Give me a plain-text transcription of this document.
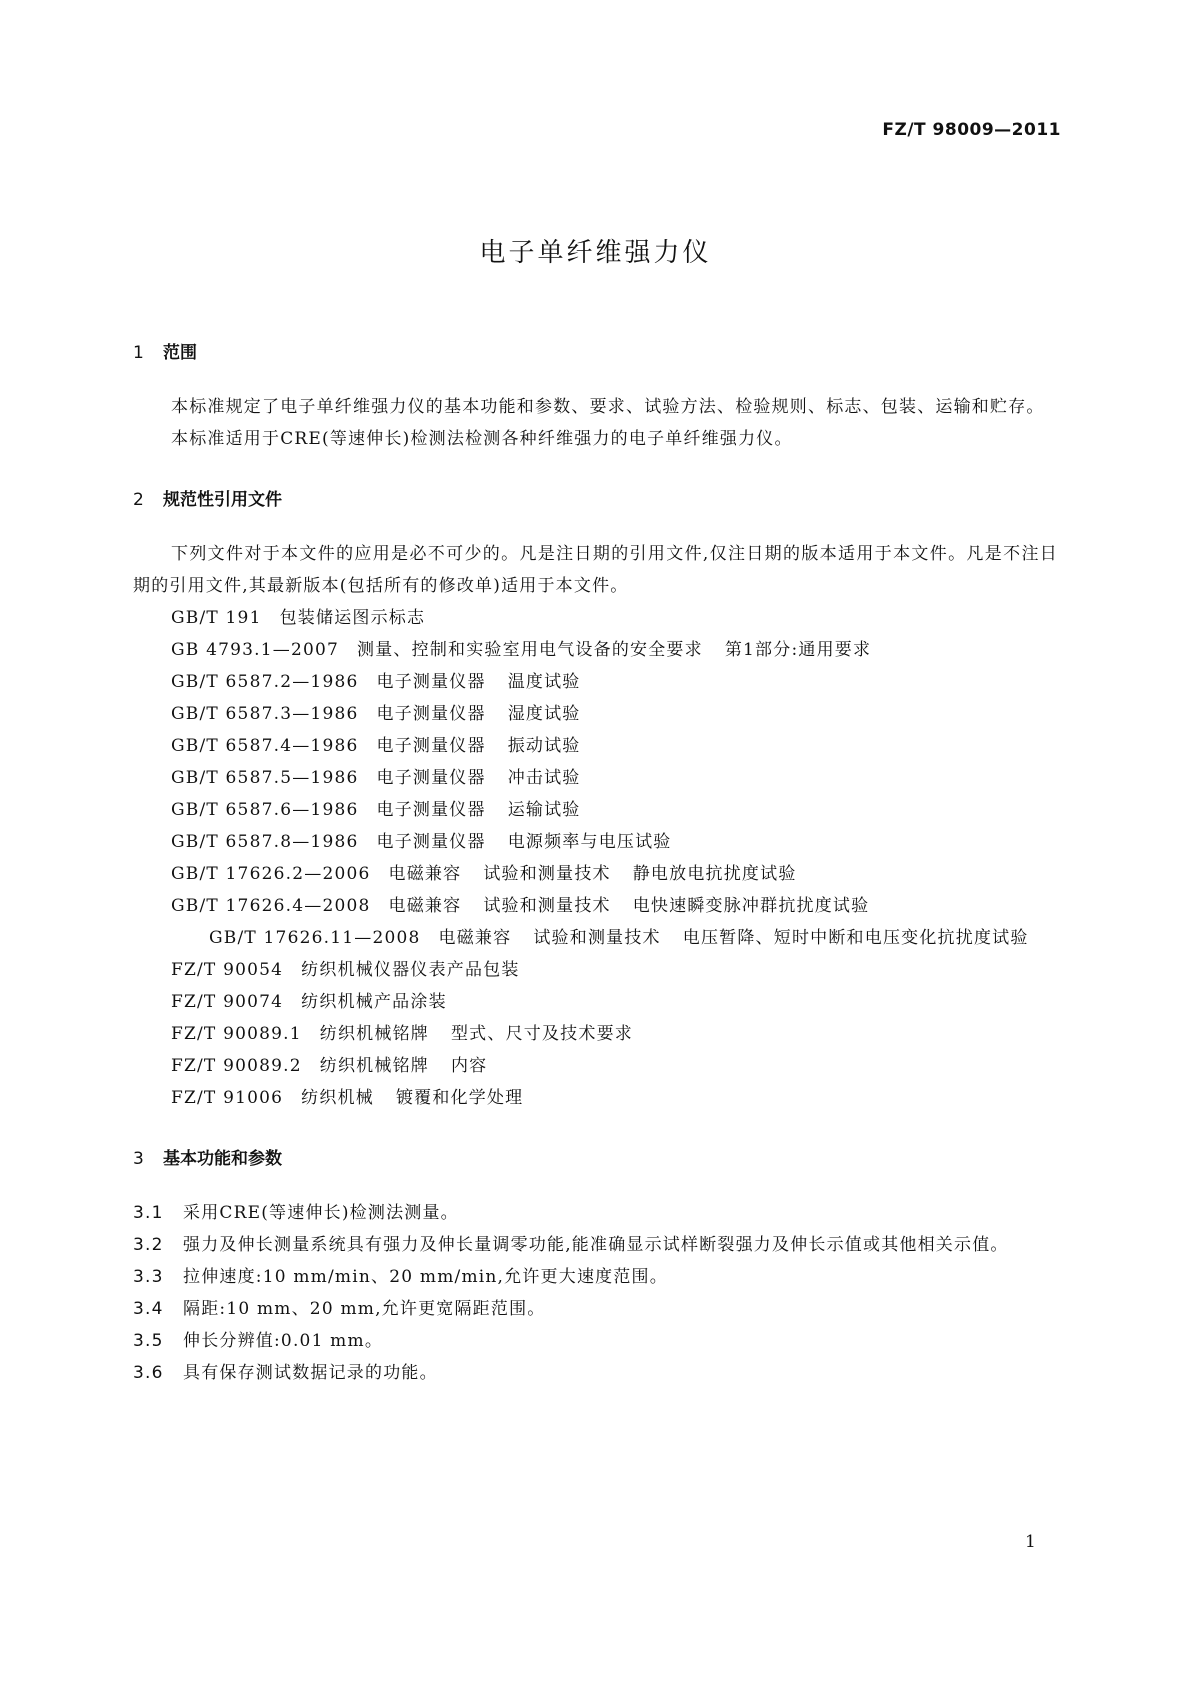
FZ/T 98009—2011
电子单纤维强力仪
1 范围

本标准规定了电子单纤维强力仪的基本功能和参数、要求、试验方法、检验规则、标志、包装、运输和贮存。

本标准适用于CRE(等速伸长)检测法检测各种纤维强力的电子单纤维强力仪。

2 规范性引用文件

下列文件对于本文件的应用是必不可少的。凡是注日期的引用文件,仅注日期的版本适用于本文件。凡是不注日期的引用文件,其最新版本(包括所有的修改单)适用于本文件。

GB/T 191 包装储运图示标志
GB 4793.1—2007 测量、控制和实验室用电气设备的安全要求 第1部分:通用要求
GB/T 6587.2—1986 电子测量仪器 温度试验
GB/T 6587.3—1986 电子测量仪器 湿度试验
GB/T 6587.4—1986 电子测量仪器 振动试验
GB/T 6587.5—1986 电子测量仪器 冲击试验
GB/T 6587.6—1986 电子测量仪器 运输试验
GB/T 6587.8—1986 电子测量仪器 电源频率与电压试验
GB/T 17626.2—2006 电磁兼容 试验和测量技术 静电放电抗扰度试验
GB/T 17626.4—2008 电磁兼容 试验和测量技术 电快速瞬变脉冲群抗扰度试验
GB/T 17626.11—2008 电磁兼容 试验和测量技术 电压暂降、短时中断和电压变化抗扰度试验
FZ/T 90054 纺织机械仪器仪表产品包装
FZ/T 90074 纺织机械产品涂装
FZ/T 90089.1 纺织机械铭牌 型式、尺寸及技术要求
FZ/T 90089.2 纺织机械铭牌 内容
FZ/T 91006 纺织机械 镀覆和化学处理
3 基本功能和参数

3.1 采用CRE(等速伸长)检测法测量。

3.2 强力及伸长测量系统具有强力及伸长量调零功能,能准确显示试样断裂强力及伸长示值或其他相关示值。

3.3 拉伸速度:10 mm/min、20 mm/min,允许更大速度范围。

3.4 隔距:10 mm、20 mm,允许更宽隔距范围。

3.5 伸长分辨值:0.01 mm。

3.6 具有保存测试数据记录的功能。

1
